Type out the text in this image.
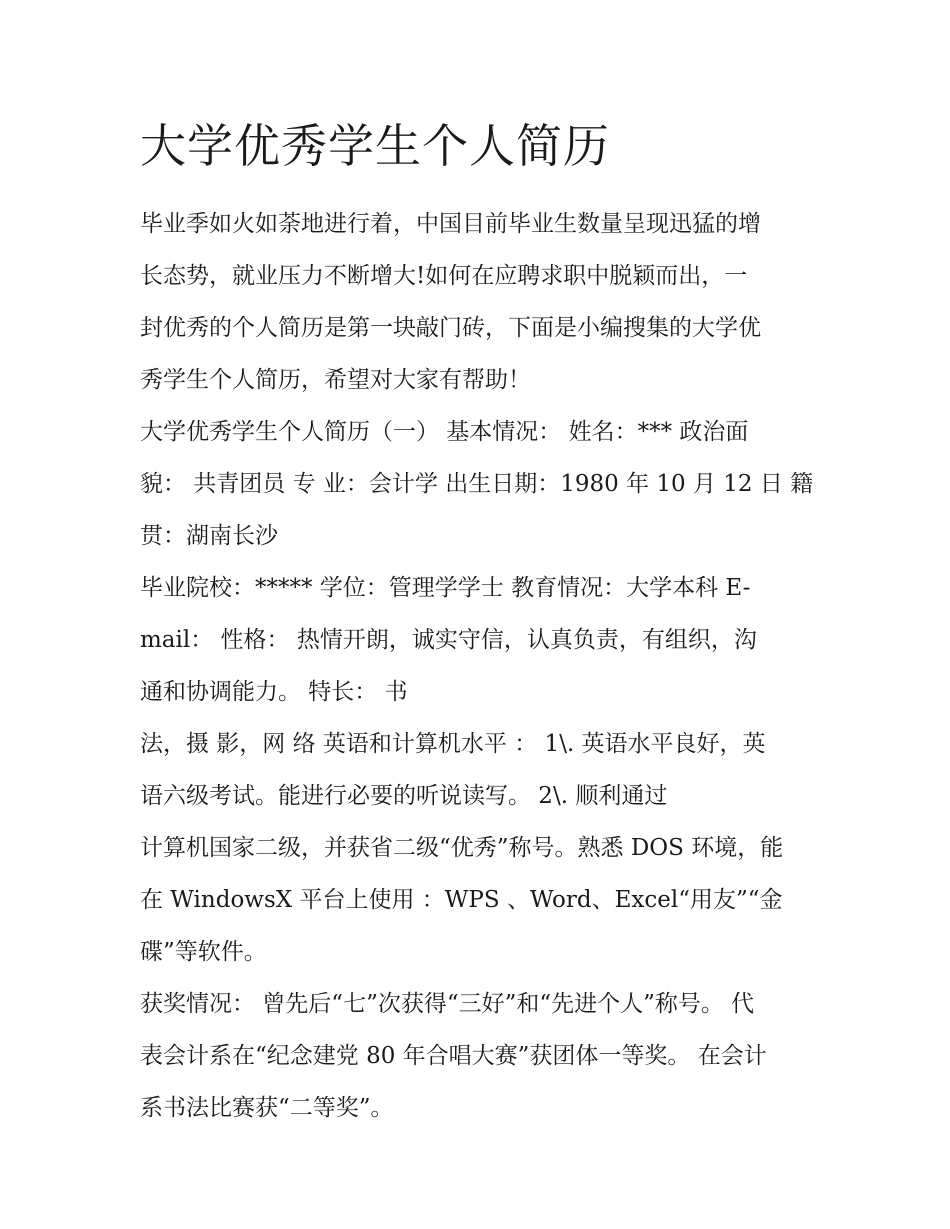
大学优秀学生个人简历
毕业季如火如荼地进行着，中国目前毕业生数量呈现迅猛的增
长态势，就业压力不断增大!如何在应聘求职中脱颖而出，一
封优秀的个人简历是第一块敲门砖，下面是小编搜集的大学优
秀学生个人简历，希望对大家有帮助！
大学优秀学生个人简历（一） 基本情况： 姓名：*** 政治面
貌： 共青团员 专 业：会计学 出生日期：1980 年 10 月 12 日 籍
贯：湖南长沙
毕业院校：***** 学位：管理学学士 教育情况：大学本科 E-
mail： 性格： 热情开朗，诚实守信，认真负责，有组织，沟
通和协调能力。 特长： 书
法，摄 影，网 络 英语和计算机水平 ： 1\. 英语水平良好，英
语六级考试。能进行必要的听说读写。 2\. 顺利通过
计算机国家二级，并获省二级“优秀”称号。熟悉 DOS 环境，能
在 WindowsX 平台上使用 ：WPS 、Word、Excel“用友”“金
碟”等软件。
获奖情况： 曾先后“七”次获得“三好”和“先进个人”称号。 代
表会计系在“纪念建党 80 年合唱大赛”获团体一等奖。 在会计
系书法比赛获“二等奖”。
